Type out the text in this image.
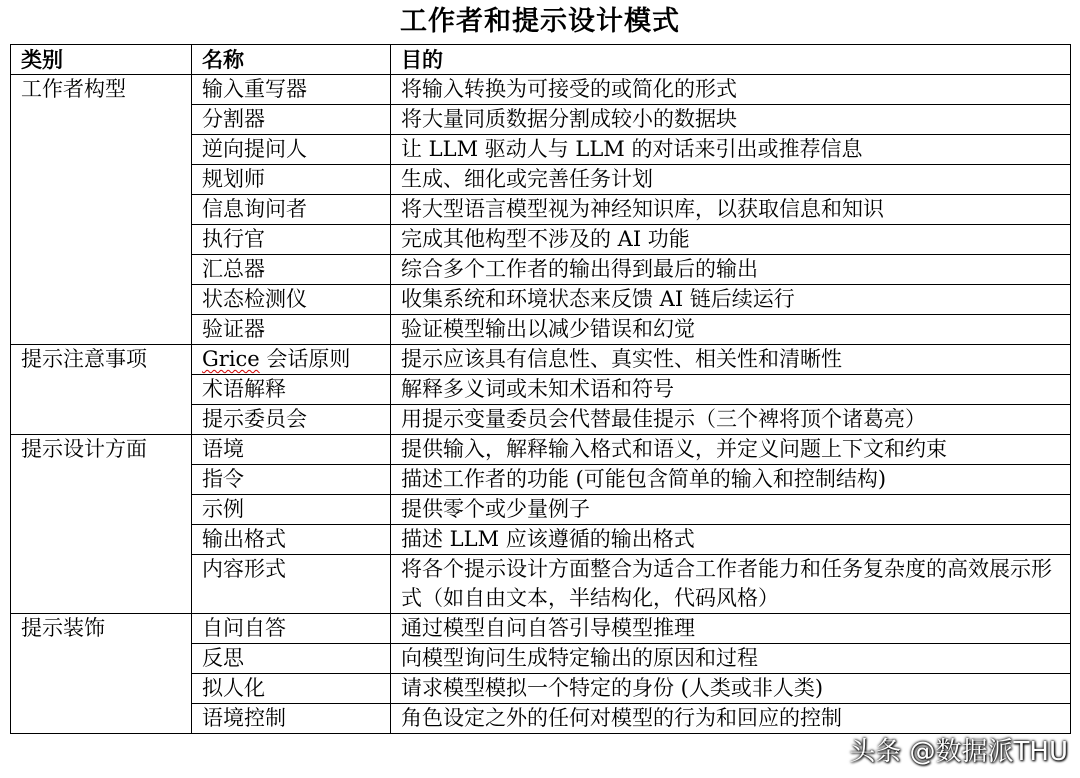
工作者和提示设计模式
类别	名称	目的
工作者构型	输入重写器	将输入转换为可接受的或简化的形式
	分割器	将大量同质数据分割成较小的数据块
	逆向提问人	让 LLM 驱动人与 LLM 的对话来引出或推荐信息
	规划师	生成、细化或完善任务计划
	信息询问者	将大型语言模型视为神经知识库，以获取信息和知识
	执行官	完成其他构型不涉及的 AI 功能
	汇总器	综合多个工作者的输出得到最后的输出
	状态检测仪	收集系统和环境状态来反馈 AI 链后续运行
	验证器	验证模型输出以减少错误和幻觉
提示注意事项	Grice 会话原则	提示应该具有信息性、真实性、相关性和清晰性
	术语解释	解释多义词或未知术语和符号
	提示委员会	用提示变量委员会代替最佳提示（三个裨将顶个诸葛亮）
提示设计方面	语境	提供输入，解释输入格式和语义，并定义问题上下文和约束
	指令	描述工作者的功能 (可能包含简单的输入和控制结构)
	示例	提供零个或少量例子
	输出格式	描述 LLM 应该遵循的输出格式
	内容形式	将各个提示设计方面整合为适合工作者能力和任务复杂度的高效展示形式（如自由文本，半结构化，代码风格）
提示装饰	自问自答	通过模型自问自答引导模型推理
	反思	向模型询问生成特定输出的原因和过程
	拟人化	请求模型模拟一个特定的身份 (人类或非人类)
	语境控制	角色设定之外的任何对模型的行为和回应的控制
头条 @数据派THU
